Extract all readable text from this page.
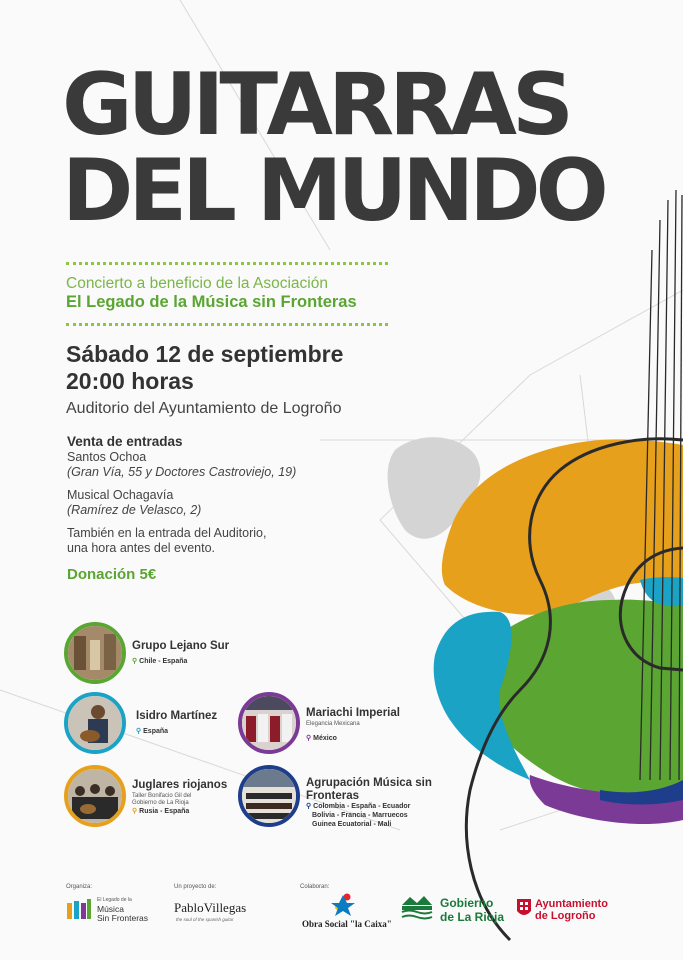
GUITARRAS
DEL MUNDO
Concierto a beneficio de la Asociación
El Legado de la Música sin Fronteras
Sábado 12 de septiembre
20:00 horas
Auditorio del Ayuntamiento de Logroño
Venta de entradas
Santos Ochoa
(Gran Vía, 55 y Doctores Castroviejo, 19)
Musical Ochagavía
(Ramírez de Velasco, 2)
También en la entrada del Auditorio,
una hora antes del evento.
Donación 5€
Grupo Lejano Sur
⚲ Chile - España
Isidro Martínez
⚲ España
Mariachi Imperial
Elegancia Mexicana
⚲ México
Juglares riojanos
Taller Bonifacio Gil del Gobierno de La Rioja
⚲ Rusia - España
Agrupación Música sin Fronteras
⚲ Colombia - España - Ecuador
Bolivia - Francia - Marruecos
Guinea Ecuatorial - Mali
Organiza:
El Legado de la
Música
Sin Fronteras
Un proyecto de:
PabloVillegas
the soul of the spanish guitar
Colaboran:
Obra Social "la Caixa"
Gobierno
de La Rioja
Ayuntamiento
de Logroño
